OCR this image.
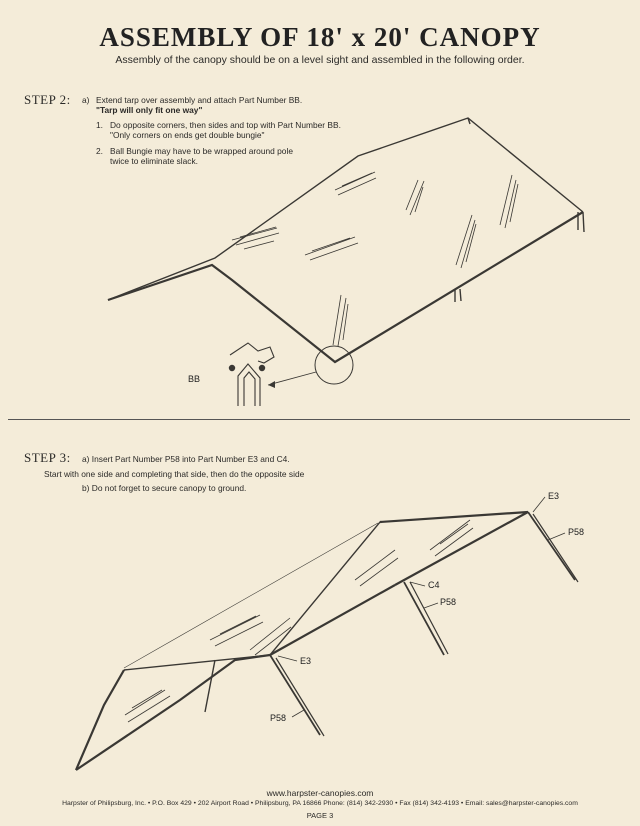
ASSEMBLY OF 18' x 20' CANOPY
Assembly of the canopy should be on a level sight and assembled in the following order.
STEP 2: a) Extend tarp over assembly and attach Part Number BB.
"Tarp will only fit one way"
1. Do opposite corners, then sides and top with Part Number BB.
"Only corners on ends get double bungie"
2. Ball Bungie may have to be wrapped around pole
twice to eliminate slack.
STEP 3: a) Insert Part Number P58 into Part Number E3 and C4.
Start with one side and completing that side, then do the opposite side
b) Do not forget to secure canopy to ground.
BB
E3
P58
C4
P58
E3
P58
www.harpster-canopies.com
Harpster of Philipsburg, Inc. • P.O. Box 429 • 202 Airport Road • Philipsburg, PA 16866 Phone: (814) 342-2930 • Fax (814) 342-4193 • Email: sales@harpster-canopies.com
PAGE 3
